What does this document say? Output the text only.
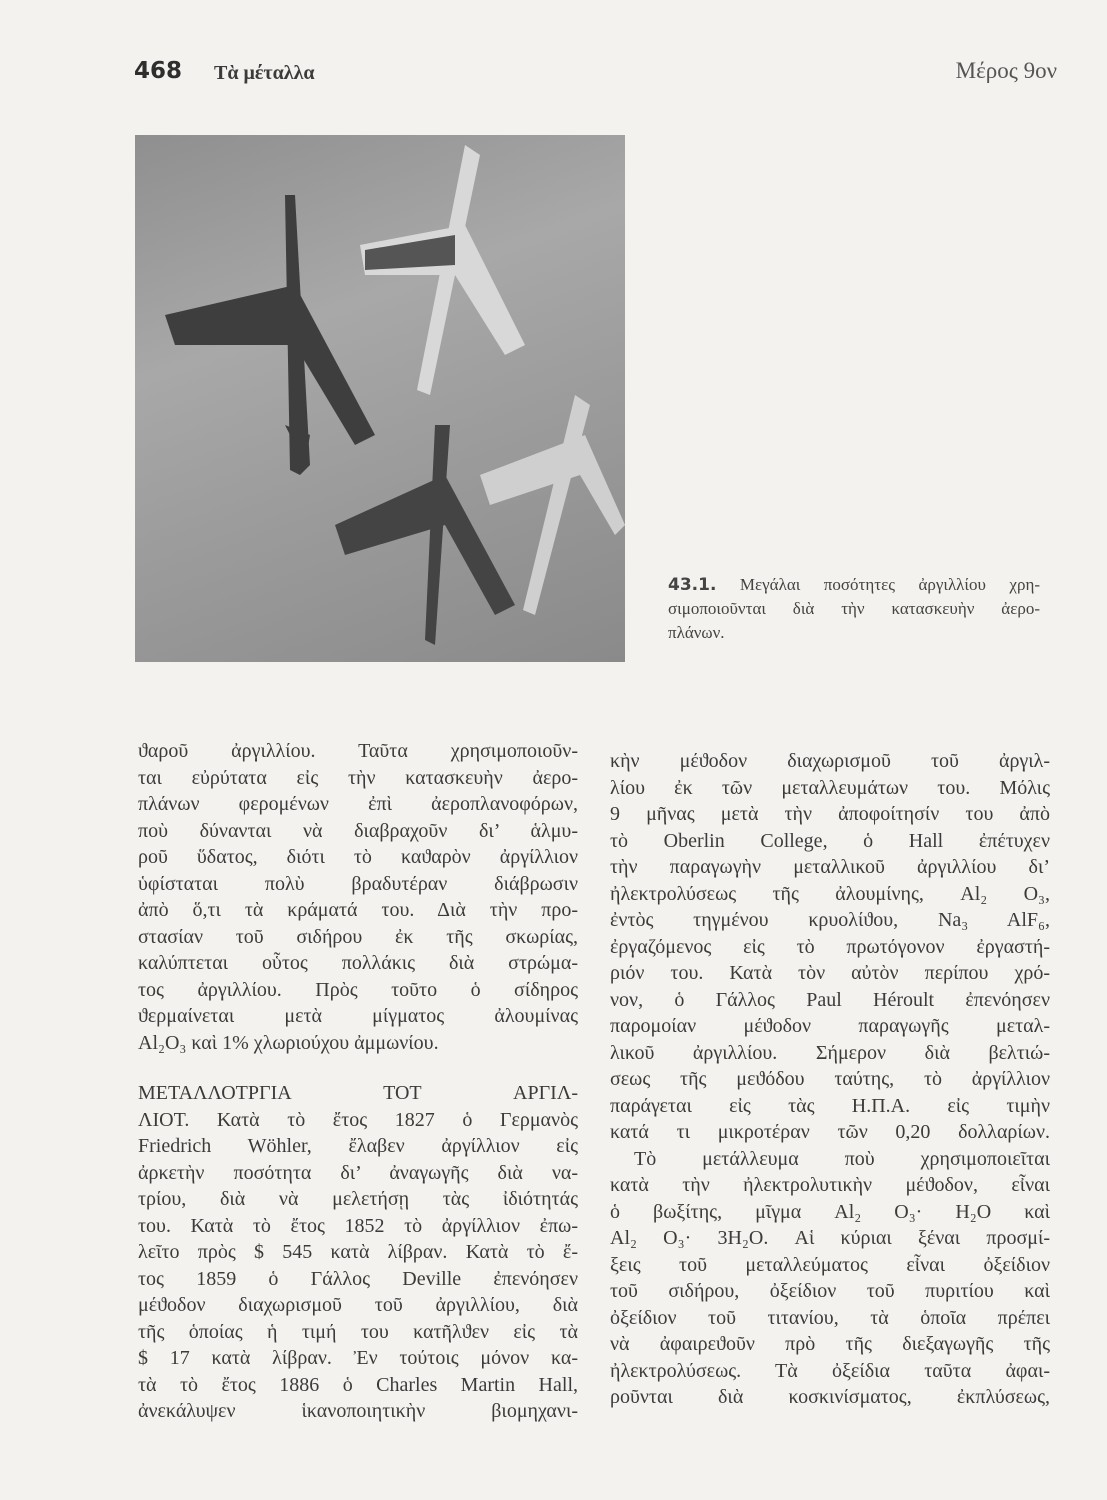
468 Τὰ μέταλλα	Μέρος 9ον
43.1. Μεγάλαι ποσότητες ἀργιλλίου χρη-
σιμοποιοῦνται διὰ τὴν κατασκευὴν ἀερο-
πλάνων.
ϑαροῦ ἀργιλλίου. Ταῦτα χρησιμοποιοῦν-
ται εὐρύτατα εἰς τὴν κατασκευὴν ἀερο-
πλάνων φερομένων ἐπὶ ἀεροπλανοφόρων,
ποὺ δύνανται νὰ διαβραχοῦν δι’ ἁλμυ-
ροῦ ὕδατος, διότι τὸ καϑαρὸν ἀργίλλιον
ὑφίσταται πολὺ βραδυτέραν διάβρωσιν
ἀπὸ ὅ,τι τὰ κράματά του. Διὰ τὴν προ-
στασίαν τοῦ σιδήρου ἐκ τῆς σκωρίας,
καλύπτεται οὗτος πολλάκις διὰ στρώμα-
τος ἀργιλλίου. Πρὸς τοῦτο ὁ σίδηρος
ϑερμαίνεται μετὰ μίγματος ἀλουμίνας
Al₂O₃ καὶ 1% χλωριούχου ἀμμωνίου.
ΜΕΤΑΛΛΟΤΡΓΙΑ ΤΟΤ ΑΡΓΙΛ-
ΛΙΟΤ. Κατὰ τὸ ἔτος 1827 ὁ Γερμανὸς
Friedrich Wöhler, ἔλαβεν ἀργίλλιον εἰς
ἀρκετὴν ποσότητα δι’ ἀναγωγῆς διὰ να-
τρίου, διὰ νὰ μελετήσῃ τὰς ἰδιότητάς
του. Κατὰ τὸ ἔτος 1852 τὸ ἀργίλλιον ἐπω-
λεῖτο πρὸς $ 545 κατὰ λίβραν. Κατὰ τὸ ἔ-
τος 1859 ὁ Γάλλος Deville ἐπενόησεν
μέϑοδον διαχωρισμοῦ τοῦ ἀργιλλίου, διὰ
τῆς ὁποίας ἡ τιμή του κατῆλϑεν εἰς τὰ
$ 17 κατὰ λίβραν. Ἐν τούτοις μόνον κα-
τὰ τὸ ἔτος 1886 ὁ Charles Martin Hall,
ἀνεκάλυψεν ἱκανοποιητικὴν βιομηχανι-
κὴν μέϑοδον διαχωρισμοῦ τοῦ ἀργιλ-
λίου ἐκ τῶν μεταλλευμάτων του. Μόλις
9 μῆνας μετὰ τὴν ἀποφοίτησίν του ἀπὸ
τὸ Oberlin College, ὁ Hall ἐπέτυχεν
τὴν παραγωγὴν μεταλλικοῦ ἀργιλλίου δι’
ἠλεκτρολύσεως τῆς ἀλουμίνης, Al₂ O₃,
ἐντὸς τηγμένου κρυολίϑου, Na₃ AlF₆,
ἐργαζόμενος εἰς τὸ πρωτόγονον ἐργαστή-
ριόν του. Κατὰ τὸν αὐτὸν περίπου χρό-
νον, ὁ Γάλλος Paul Héroult ἐπενόησεν
παρομοίαν μέϑοδον παραγωγῆς μεταλ-
λικοῦ ἀργιλλίου. Σήμερον διὰ βελτιώ-
σεως τῆς μεϑόδου ταύτης, τὸ ἀργίλλιον
παράγεται εἰς τὰς Η.Π.Α. εἰς τιμὴν
κατά τι μικροτέραν τῶν 0,20 δολλαρίων.
Τὸ μετάλλευμα ποὺ χρησιμοποιεῖται
κατὰ τὴν ἠλεκτρολυτικὴν μέϑοδον, εἶναι
ὁ βωξίτης, μῖγμα Al₂ O₃· H₂O καὶ
Al₂ O₃· 3H₂O. Αἱ κύριαι ξέναι προσμί-
ξεις τοῦ μεταλλεύματος εἶναι ὀξείδιον
τοῦ σιδήρου, ὀξείδιον τοῦ πυριτίου καὶ
ὀξείδιον τοῦ τιτανίου, τὰ ὁποῖα πρέπει
νὰ ἀφαιρεϑοῦν πρὸ τῆς διεξαγωγῆς τῆς
ἠλεκτρολύσεως. Τὰ ὀξείδια ταῦτα ἀφαι-
ροῦνται διὰ κοσκινίσματος, ἐκπλύσεως,
